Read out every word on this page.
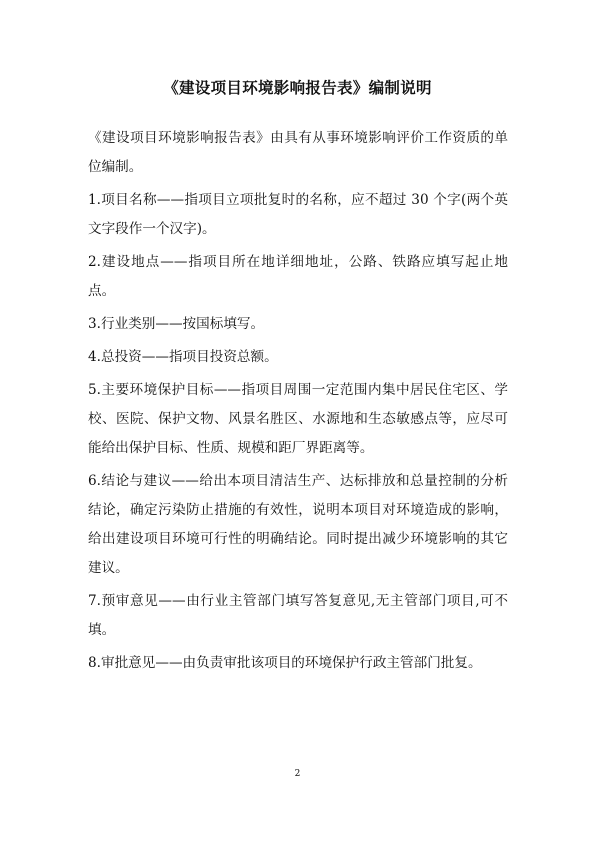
《建设项目环境影响报告表》编制说明

《建设项目环境影响报告表》由具有从事环境影响评价工作资质的单位编制。

1.项目名称——指项目立项批复时的名称，应不超过 30 个字(两个英文字段作一个汉字)。

2.建设地点——指项目所在地详细地址，公路、铁路应填写起止地点。

3.行业类别——按国标填写。

4.总投资——指项目投资总额。

5.主要环境保护目标——指项目周围一定范围内集中居民住宅区、学校、医院、保护文物、风景名胜区、水源地和生态敏感点等，应尽可能给出保护目标、性质、规模和距厂界距离等。

6.结论与建议——给出本项目清洁生产、达标排放和总量控制的分析结论，确定污染防止措施的有效性，说明本项目对环境造成的影响，给出建设项目环境可行性的明确结论。同时提出减少环境影响的其它建议。

7.预审意见——由行业主管部门填写答复意见,无主管部门项目,可不填。

8.审批意见——由负责审批该项目的环境保护行政主管部门批复。

2
